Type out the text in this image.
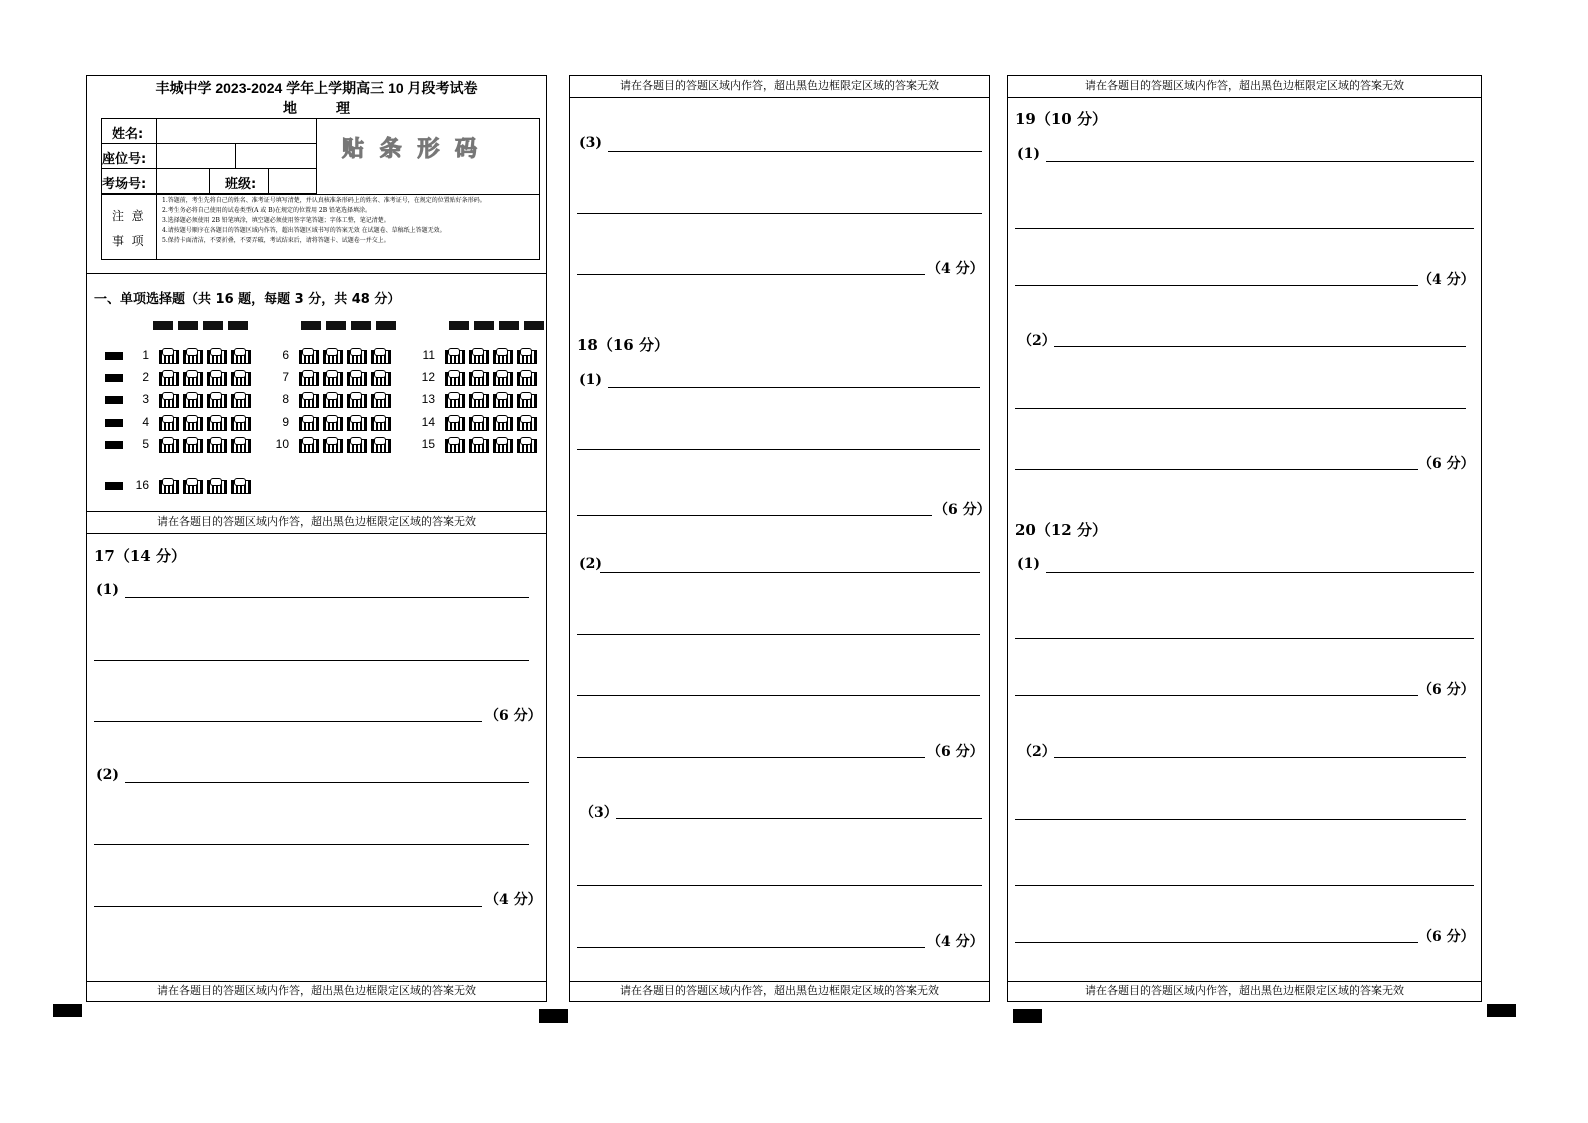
丰城中学 2023-2024 学年上学期高三 10 月段考试卷
地        理
姓名:
座位号:
考场号:	班级:
贴 条 形 码
注  意
事  项
1.答题前，考生先将自己的姓名、准考证号填写清楚，并认真核准条形码上的姓名、准考证号，在规定的位置贴好条形码。
2.考生务必将自己使用的试卷类型(A 或 B)在规定的位置用 2B 铅笔选择填涂。
3.选择题必须使用 2B 铅笔填涂，填空题必须使用签字笔答题；字体工整，笔记清楚。
4.请按题号顺序在各题目的答题区域内作答，超出答题区域书写的答案无效 在试题卷、草稿纸上答题无效。
5.保持卡面清洁，不要折叠，不要弄破，考试结束后，请将答题卡、试题卷一并交上。
一、单项选择题（共 16 题，每题 3 分，共 48 分）
1
2
3
4
5
6
7
8
9
10
11
12
13
14
15
16
请在各题目的答题区域内作答，超出黑色边框限定区域的答案无效
17（14 分）
(1)
（6 分）
(2)
（4 分）
请在各题目的答题区域内作答，超出黑色边框限定区域的答案无效
请在各题目的答题区域内作答，超出黑色边框限定区域的答案无效
(3)
（4 分）
18（16 分）
(1)
（6 分）
(2)
（6 分）
（3）
（4 分）
请在各题目的答题区域内作答，超出黑色边框限定区域的答案无效
请在各题目的答题区域内作答，超出黑色边框限定区域的答案无效
19（10 分）
(1)
（4 分）
（2）
（6 分）
20（12 分）
(1)
（6 分）
（2）
（6 分）
请在各题目的答题区域内作答，超出黑色边框限定区域的答案无效
